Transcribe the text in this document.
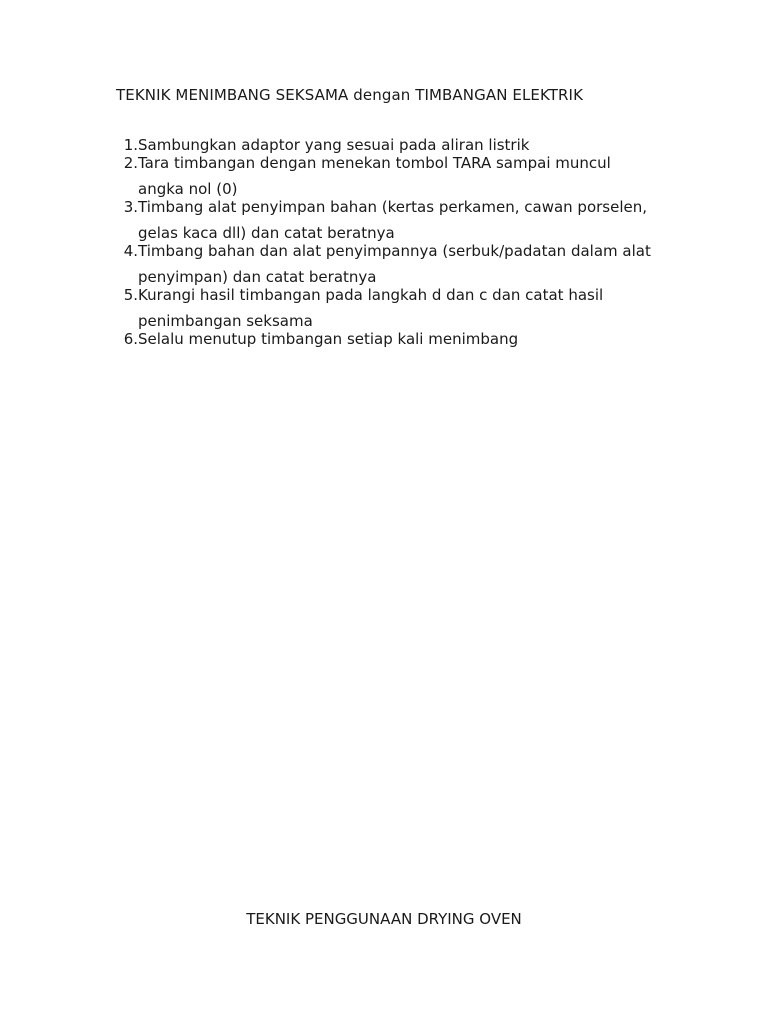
TEKNIK MENIMBANG SEKSAMA dengan TIMBANGAN ELEKTRIK
1. Sambungkan adaptor yang sesuai pada aliran listrik
2. Tara timbangan dengan menekan tombol TARA sampai muncul
angka nol (0)
3. Timbang alat penyimpan bahan (kertas perkamen, cawan porselen,
gelas kaca dll) dan catat beratnya
4. Timbang bahan dan alat penyimpannya (serbuk/padatan dalam alat
penyimpan) dan catat beratnya
5. Kurangi hasil timbangan pada langkah d dan c dan catat hasil
penimbangan seksama
6. Selalu menutup timbangan setiap kali menimbang
TEKNIK PENGGUNAAN DRYING OVEN
